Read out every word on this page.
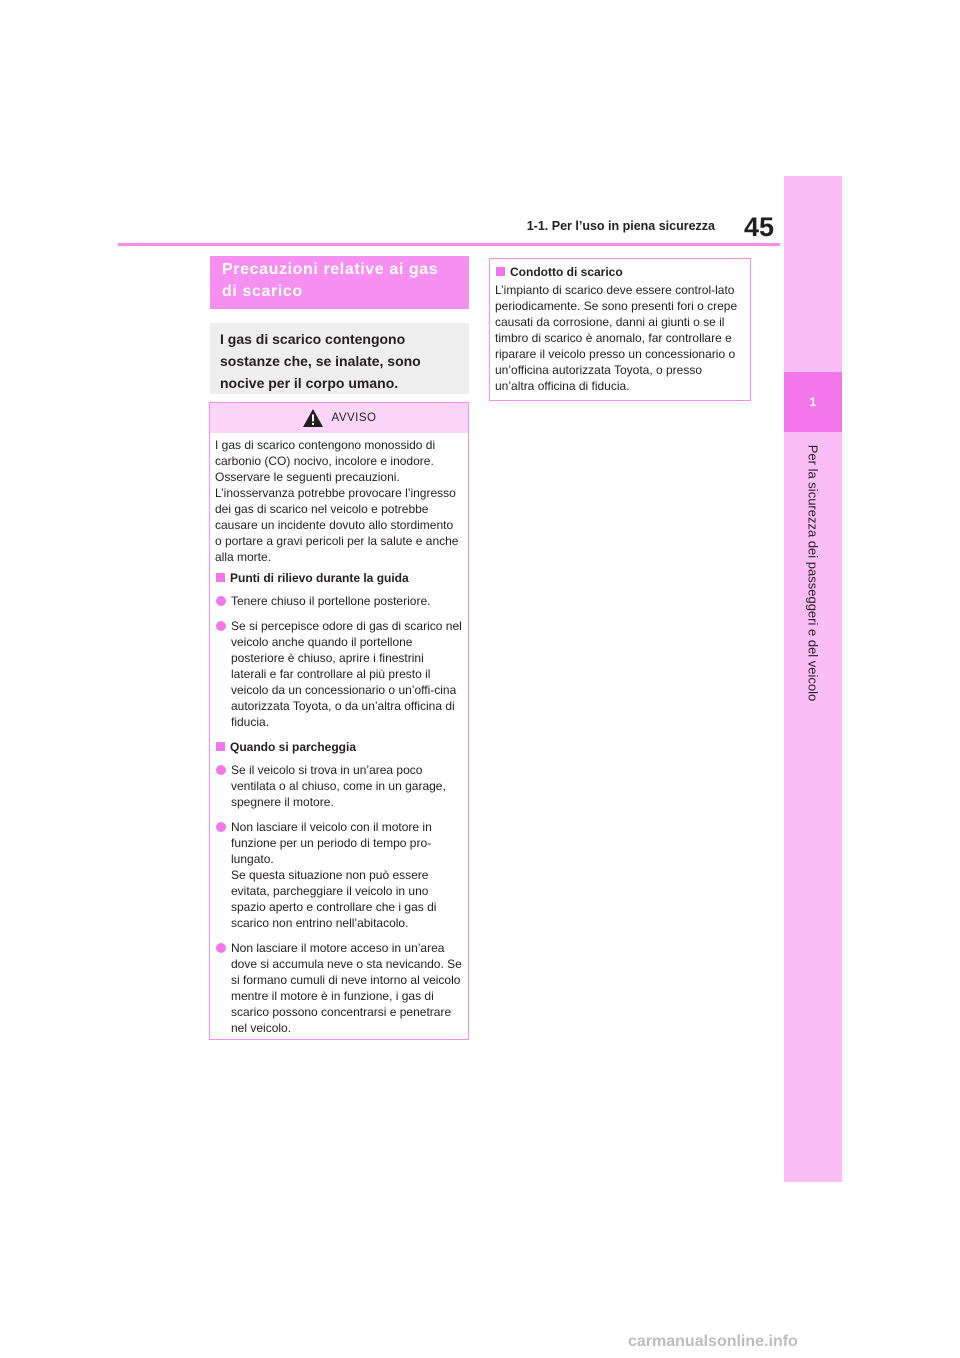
45
1-1. Per l’uso in piena sicurezza
1
Per la sicurezza dei passeggeri e del veicolo
Precauzioni relative ai gas di scarico
I gas di scarico contengono sostanze che, se inalate, sono nocive per il corpo umano.
AVVISO

I gas di scarico contengono monossido di carbonio (CO) nocivo, incolore e inodore. Osservare le seguenti precauzioni. L’inosservanza potrebbe provocare l’ingresso dei gas di scarico nel veicolo e potrebbe causare un incidente dovuto allo stordimento o portare a gravi pericoli per la salute e anche alla morte.

Punti di rilievo durante la guida
Tenere chiuso il portellone posteriore.
Se si percepisce odore di gas di scarico nel veicolo anche quando il portellone posteriore è chiuso, aprire i finestrini laterali e far controllare al più presto il veicolo da un concessionario o un’offi-cina autorizzata Toyota, o da un’altra officina di fiducia.
Quando si parcheggia
Se il veicolo si trova in un’area poco ventilata o al chiuso, come in un garage, spegnere il motore.
Non lasciare il veicolo con il motore in funzione per un periodo di tempo pro-lungato.
Se questa situazione non può essere evitata, parcheggiare il veicolo in uno spazio aperto e controllare che i gas di scarico non entrino nell’abitacolo.
Non lasciare il motore acceso in un’area dove si accumula neve o sta nevicando. Se si formano cumuli di neve intorno al veicolo mentre il motore è in funzione, i gas di scarico possono concentrarsi e penetrare nel veicolo.
Condotto di scarico

L’impianto di scarico deve essere control-lato periodicamente. Se sono presenti fori o crepe causati da corrosione, danni ai giunti o se il timbro di scarico è anomalo, far controllare e riparare il veicolo presso un concessionario o un’officina autorizzata Toyota, o presso un’altra officina di fiducia.

carmanualsonline.info
